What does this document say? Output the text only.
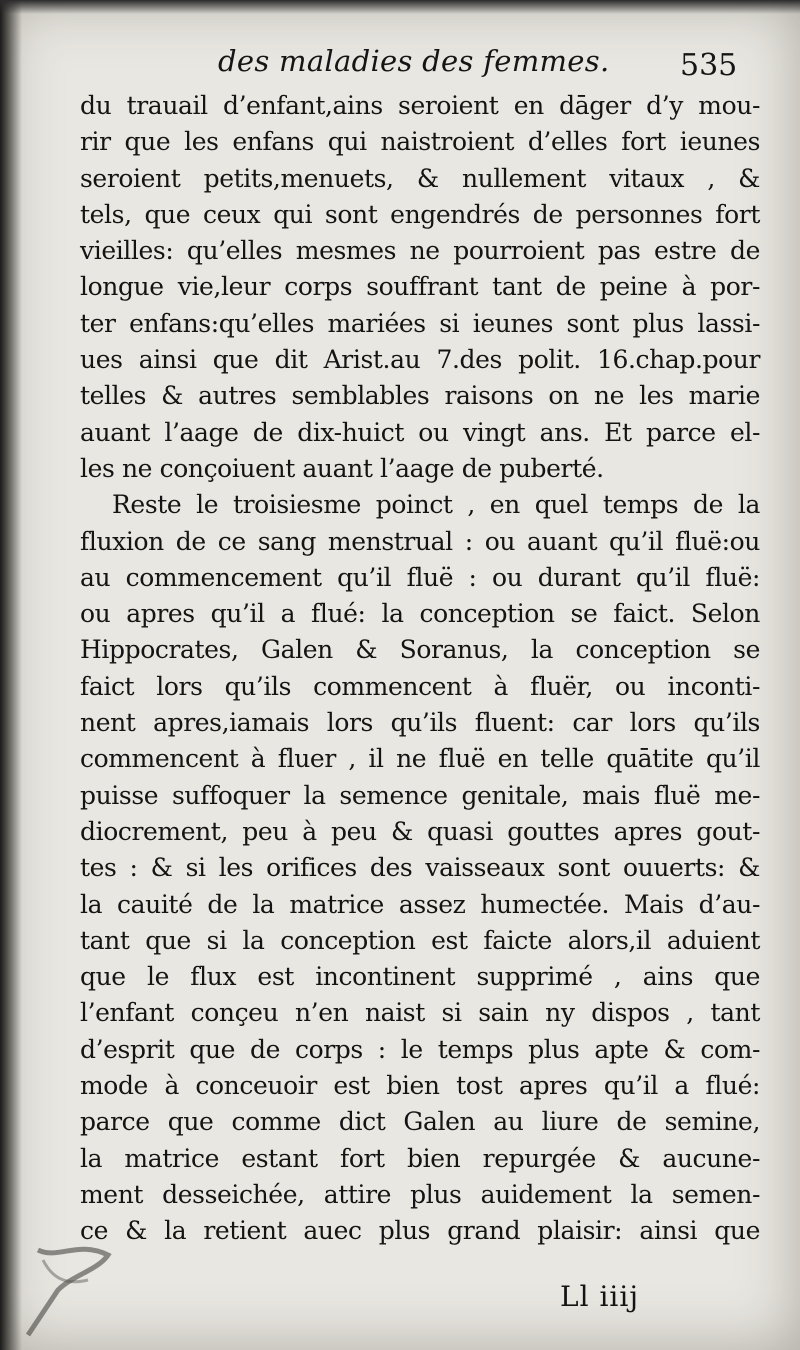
des maladies des femmes. 535
du trauail d’enfant,ains seroient en dāger d’y mou-
rir que les enfans qui naistroient d’elles fort ieunes
seroient petits,menuets, & nullement vitaux , &
tels, que ceux qui sont engendrés de personnes fort
vieilles: qu’elles mesmes ne pourroient pas estre de
longue vie,leur corps souffrant tant de peine à por-
ter enfans:qu’elles mariées si ieunes sont plus lassi-
ues ainsi que dit Arist.au 7.des polit. 16.chap.pour
telles & autres semblables raisons on ne les marie
auant l’aage de dix-huict ou vingt ans. Et parce el-
les ne conçoiuent auant l’aage de puberté.
Reste le troisiesme poinct , en quel temps de la
fluxion de ce sang menstrual : ou auant qu’il fluë:ou
au commencement qu’il fluë : ou durant qu’il fluë:
ou apres qu’il a flué: la conception se faict. Selon
Hippocrates, Galen & Soranus, la conception se
faict lors qu’ils commencent à fluër, ou inconti-
nent apres,iamais lors qu’ils fluent: car lors qu’ils
commencent à fluer , il ne fluë en telle quātite qu’il
puisse suffoquer la semence genitale, mais fluë me-
diocrement, peu à peu & quasi gouttes apres gout-
tes : & si les orifices des vaisseaux sont ouuerts: &
la cauité de la matrice assez humectée. Mais d’au-
tant que si la conception est faicte alors,il aduient
que le flux est incontinent supprimé , ains que
l’enfant conçeu n’en naist si sain ny dispos , tant
d’esprit que de corps : le temps plus apte & com-
mode à conceuoir est bien tost apres qu’il a flué:
parce que comme dict Galen au liure de semine,
la matrice estant fort bien repurgée & aucune-
ment desseichée, attire plus auidement la semen-
ce & la retient auec plus grand plaisir: ainsi que
Ll iiij
